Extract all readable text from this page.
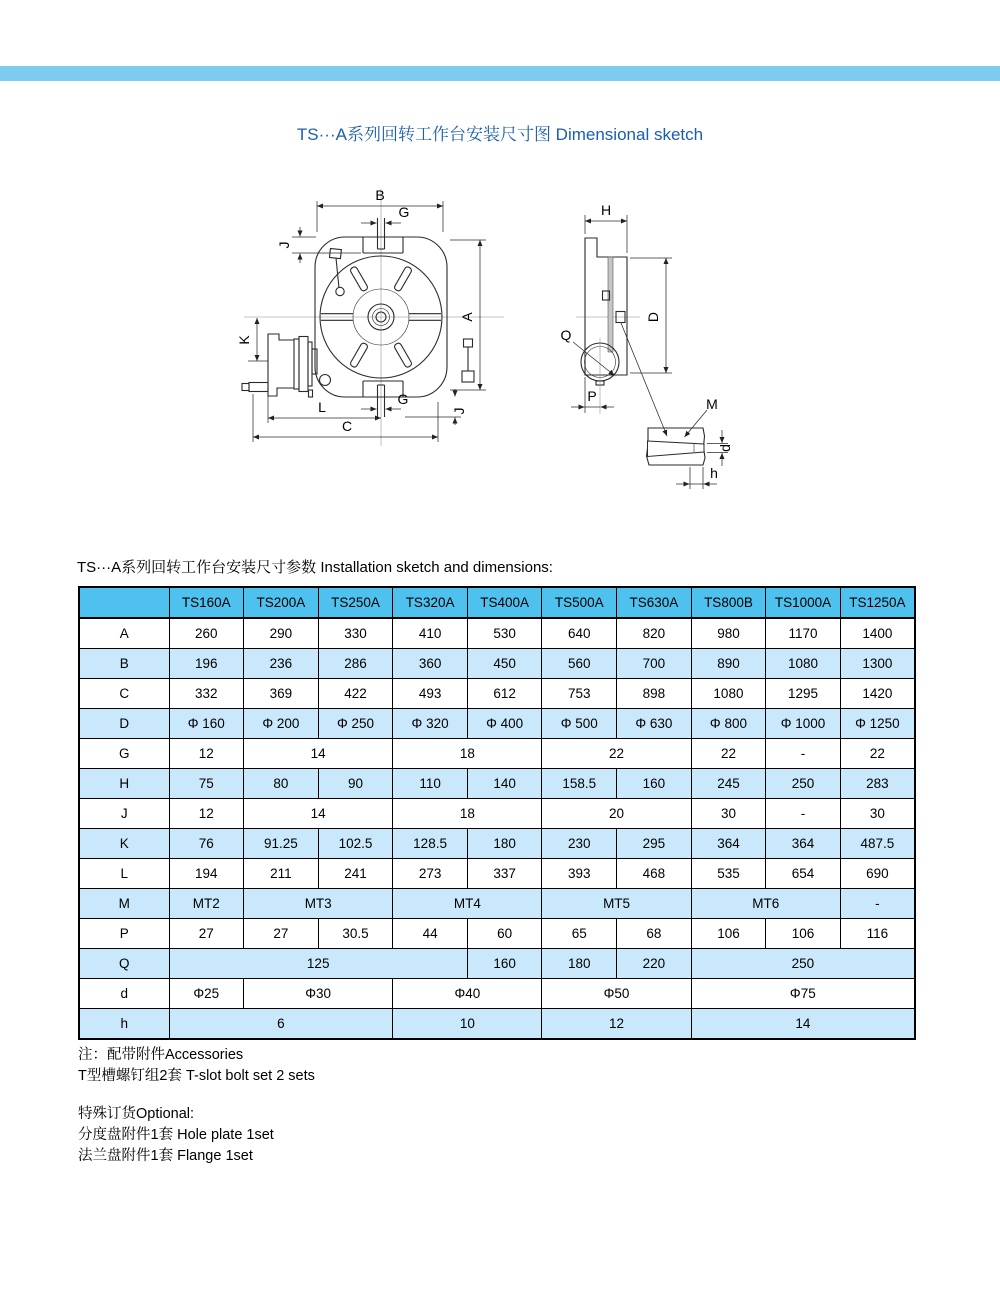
TS···A系列回转工作台安装尺寸图 Dimensional sketch
B
G
J
A
K
L
C
G
J
H
D
Q
P	M
d
h
TS···A系列回转工作台安装尺寸参数 Installation sketch and dimensions:
	TS160A	TS200A	TS250A	TS320A	TS400A	TS500A	TS630A	TS800B	TS1000A	TS1250A
A	260	290	330	410	530	640	820	980	1170	1400
B	196	236	286	360	450	560	700	890	1080	1300
C	332	369	422	493	612	753	898	1080	1295	1420
D	Φ 160	Φ 200	Φ 250	Φ 320	Φ 400	Φ 500	Φ 630	Φ 800	Φ 1000	Φ 1250
G	12	14		18		22		22	-	22
H	75	80	90	110	140	158.5	160	245	250	283
J	12	14		18		20		30	-	30
K	76	91.25	102.5	128.5	180	230	295	364	364	487.5
L	194	211	241	273	337	393	468	535	654	690
M	MT2	MT3		MT4		MT5		MT6		-
P	27	27	30.5	44	60	65	68	106	106	116
Q	125				160	180	220	250		
d	Φ25	Φ30		Φ40		Φ50		Φ75		
h	6			10		12		14		
注：配带附件Accessories
T型槽螺钉组2套 T-slot bolt set 2 sets
特殊订货Optional:
分度盘附件1套 Hole plate 1set
法兰盘附件1套 Flange 1set
